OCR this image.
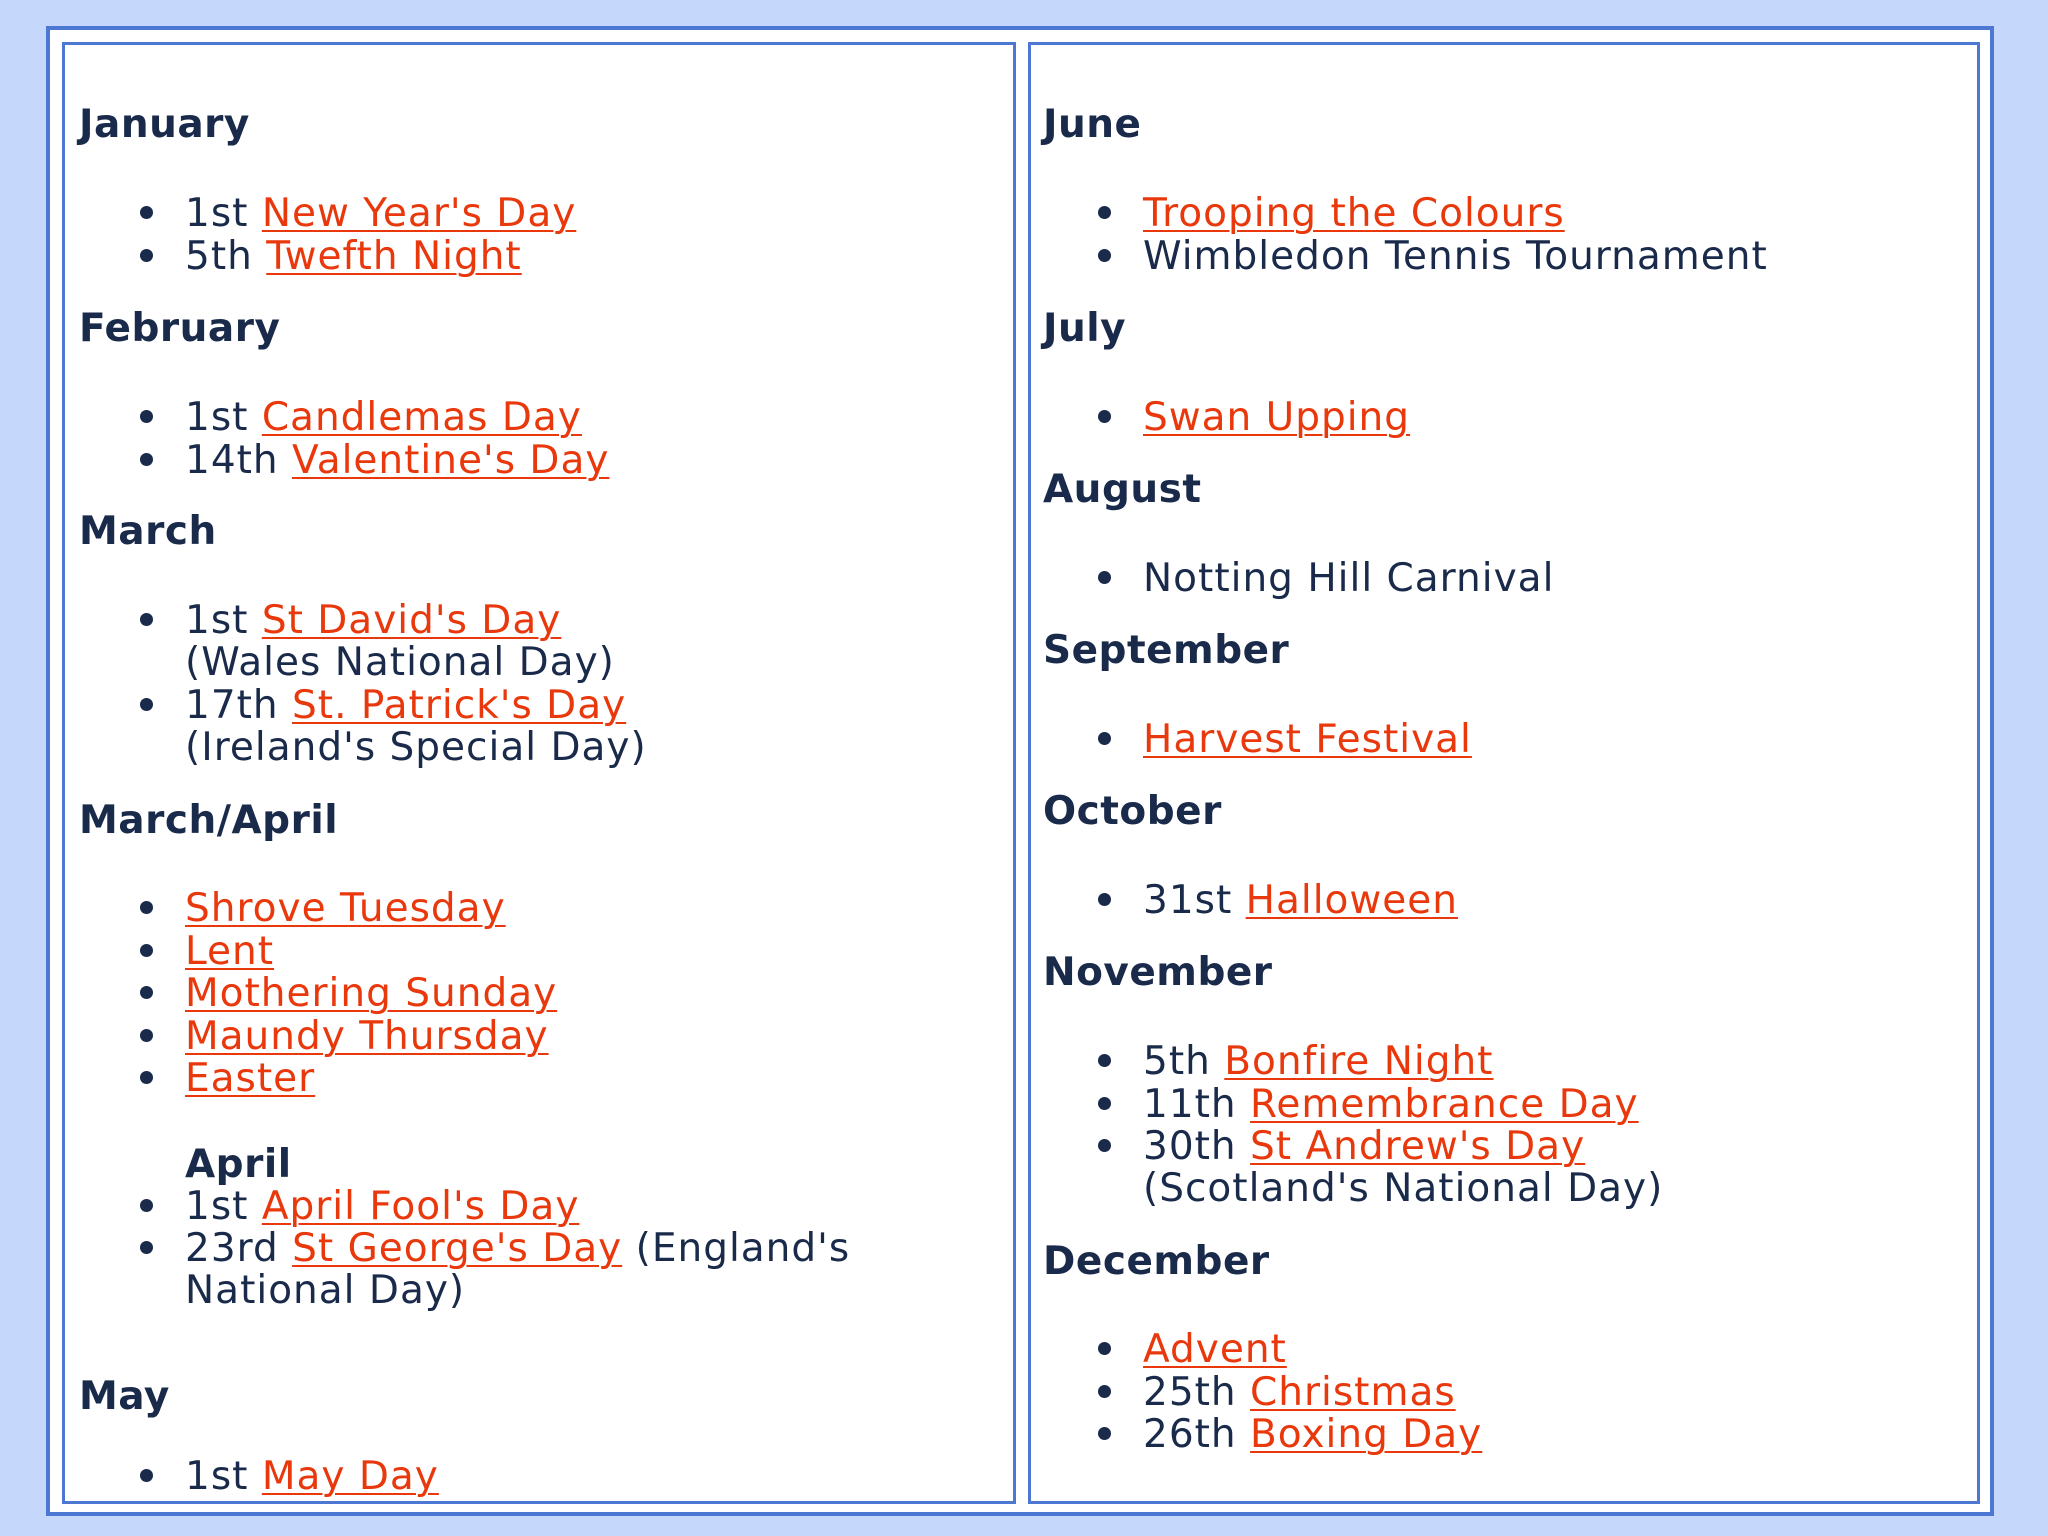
January
1st New Year's Day
5th Twefth Night
February
1st Candlemas Day
14th Valentine's Day
March
1st St David's Day
(Wales National Day)
17th St. Patrick's Day
(Ireland's Special Day)
March/April
Shrove Tuesday
Lent
Mothering Sunday
Maundy Thursday
Easter
April
1st April Fool's Day
23rd St George's Day (England's
National Day)
May
1st May Day
June
Trooping the Colours
Wimbledon Tennis Tournament
July
Swan Upping
August
Notting Hill Carnival
September
Harvest Festival
October
31st Halloween
November
5th Bonfire Night
11th Remembrance Day
30th St Andrew's Day
(Scotland's National Day)
December
Advent
25th Christmas
26th Boxing Day
